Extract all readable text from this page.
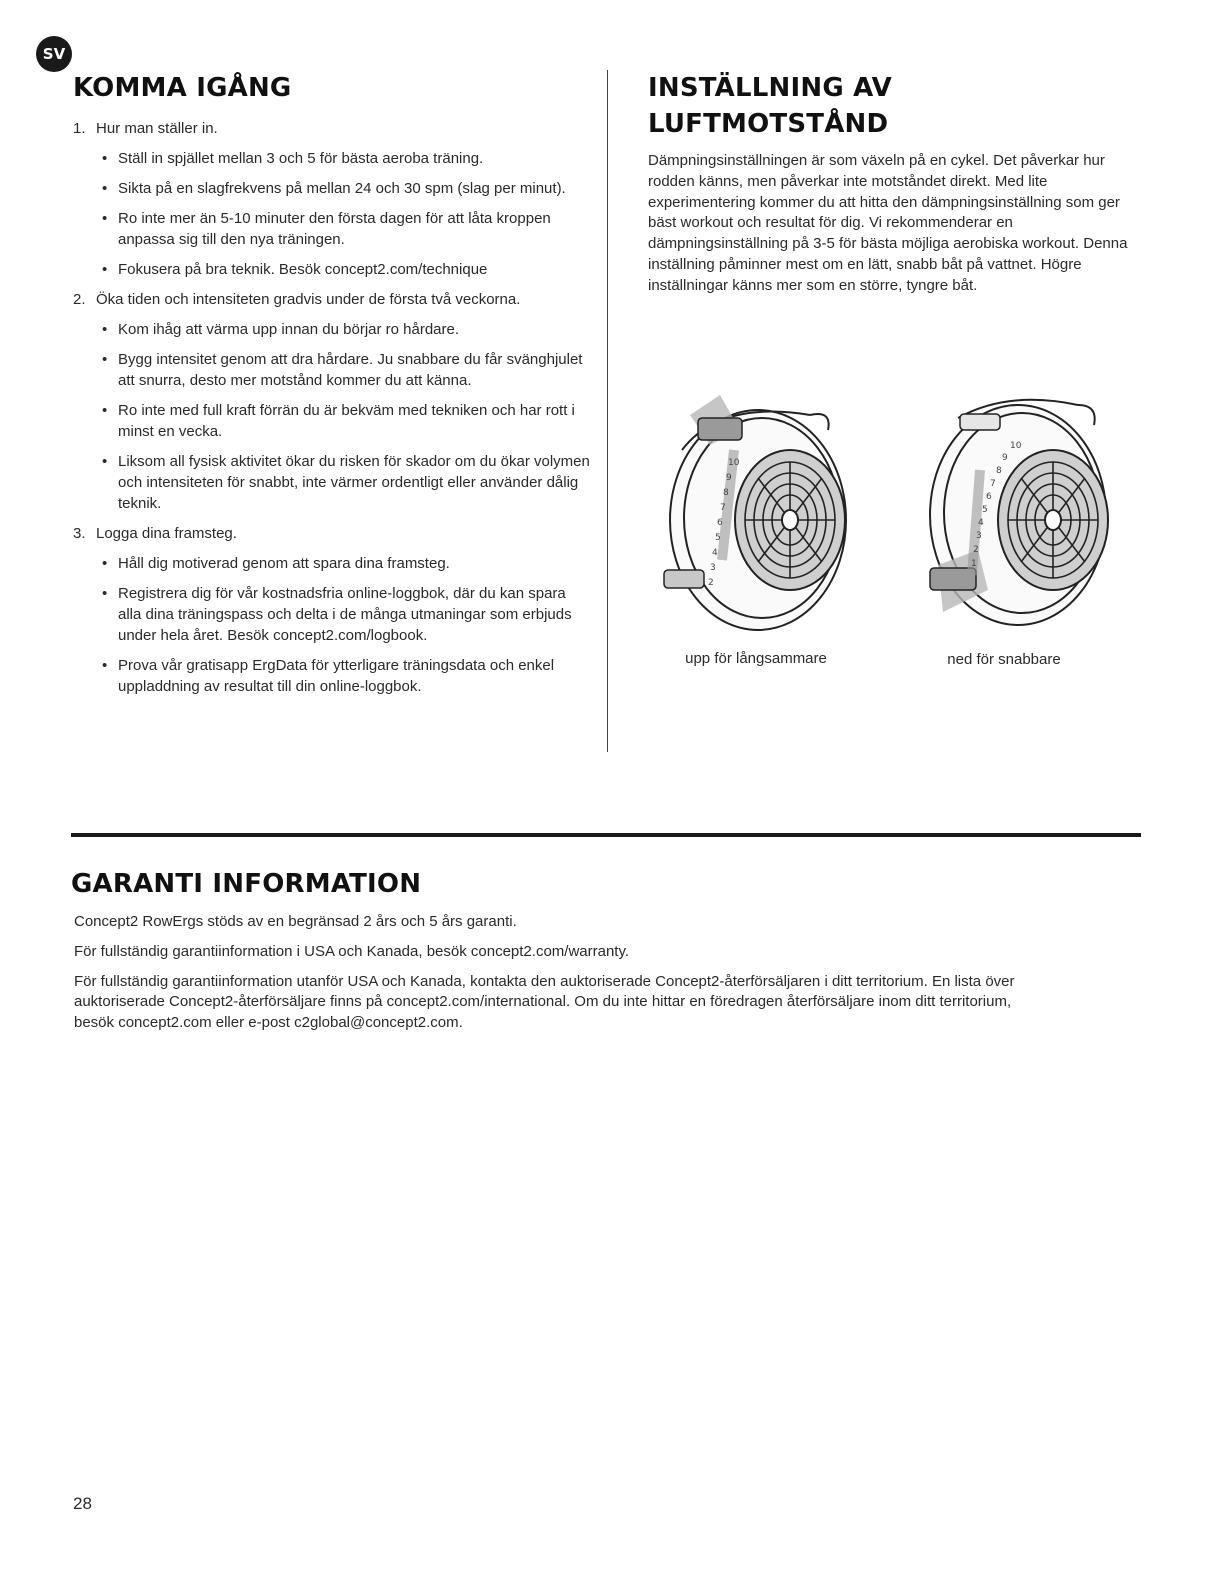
SV
KOMMA IGÅNG
1. Hur man ställer in.
• Ställ in spjället mellan 3 och 5 för bästa aeroba träning.
• Sikta på en slagfrekvens på mellan 24 och 30 spm (slag per minut).
• Ro inte mer än 5-10 minuter den första dagen för att låta kroppen anpassa sig till den nya träningen.
• Fokusera på bra teknik. Besök concept2.com/technique
2. Öka tiden och intensiteten gradvis under de första två veckorna.
• Kom ihåg att värma upp innan du börjar ro hårdare.
• Bygg intensitet genom att dra hårdare. Ju snabbare du får svänghjulet att snurra, desto mer motstånd kommer du att känna.
• Ro inte med full kraft förrän du är bekväm med tekniken och har rott i minst en vecka.
• Liksom all fysisk aktivitet ökar du risken för skador om du ökar volymen och intensiteten för snabbt, inte värmer ordentligt eller använder dålig teknik.
3. Logga dina framsteg.
• Håll dig motiverad genom att spara dina framsteg.
• Registrera dig för vår kostnadsfria online-loggbok, där du kan spara alla dina träningspass och delta i de många utmaningar som erbjuds under hela året. Besök concept2.com/logbook.
• Prova vår gratisapp ErgData för ytterligare träningsdata och enkel uppladdning av resultat till din online-loggbok.
INSTÄLLNING AV LUFTMOTSTÅND

Dämpningsinställningen är som växeln på en cykel. Det påverkar hur rodden känns, men påverkar inte motståndet direkt. Med lite experimentering kommer du att hitta den dämpningsinställning som ger bäst workout och resultat för dig. Vi rekommenderar en dämpningsinställning på 3-5 för bästa möjliga aerobiska workout. Denna inställning påminner mest om en lätt, snabb båt på vattnet. Högre inställningar känns mer som en större, tyngre båt.

10
9
8
7
6
5
4
3
2
upp för långsammare
10
9
8
7
6
5
4
3
2
1
ned för snabbare
GARANTI INFORMATION

Concept2 RowErgs stöds av en begränsad 2 års och 5 års garanti.

För fullständig garantiinformation i USA och Kanada, besök concept2.com/warranty.

För fullständig garantiinformation utanför USA och Kanada, kontakta den auktoriserade Concept2-återförsäljaren i ditt territorium. En lista över auktoriserade Concept2-återförsäljare finns på concept2.com/international. Om du inte hittar en föredragen återförsäljare inom ditt territorium, besök concept2.com eller e-post c2global@concept2.com.

28
